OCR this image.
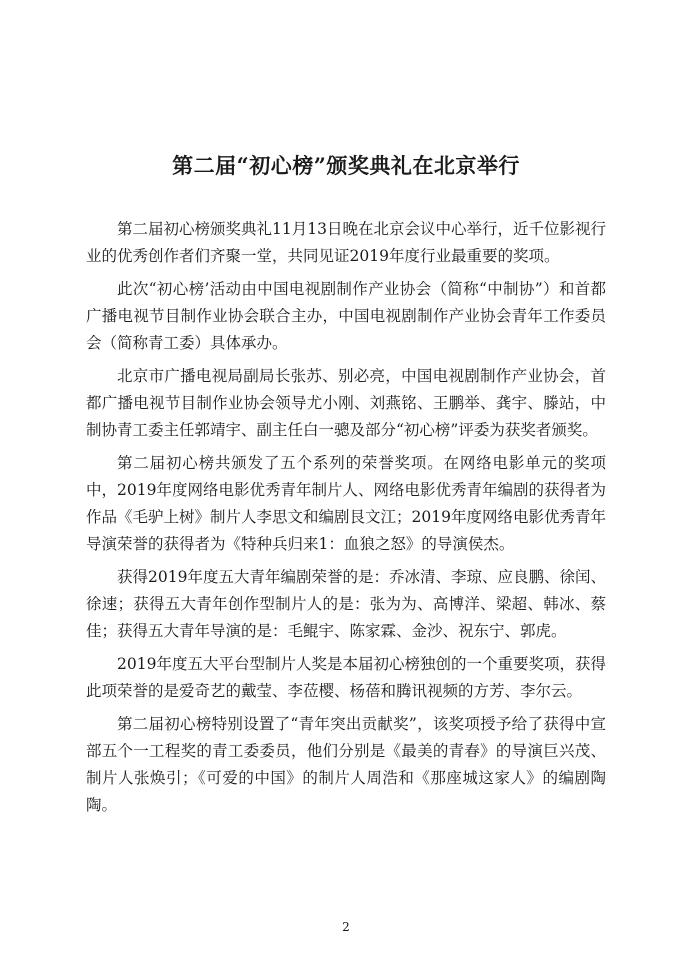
第二届“初心榜”颁奖典礼在北京举行

第二届初心榜颁奖典礼11月13日晚在北京会议中心举行，近千位影视行业的优秀创作者们齐聚一堂，共同见证2019年度行业最重要的奖项。

此次“初心榜’活动由中国电视剧制作产业协会（简称“中制协”）和首都广播电视节目制作业协会联合主办，中国电视剧制作产业协会青年工作委员会（简称青工委）具体承办。

北京市广播电视局副局长张苏、别必亮，中国电视剧制作产业协会，首都广播电视节目制作业协会领导尤小刚、刘燕铭、王鹏举、龚宇、滕站，中制协青工委主任郭靖宇、副主任白一骢及部分“初心榜”评委为获奖者颁奖。

第二届初心榜共颁发了五个系列的荣誉奖项。在网络电影单元的奖项中，2019年度网络电影优秀青年制片人、网络电影优秀青年编剧的获得者为作品《毛驴上树》制片人李思文和编剧艮文江；2019年度网络电影优秀青年导演荣誉的获得者为《特种兵归来1：血狼之怒》的导演侯杰。

获得2019年度五大青年编剧荣誉的是：乔冰清、李琼、应良鹏、徐闰、徐速；获得五大青年创作型制片人的是：张为为、高博洋、梁超、韩冰、蔡佳；获得五大青年导演的是：毛鲲宇、陈家霖、金沙、祝东宁、郭虎。

2019年度五大平台型制片人奖是本届初心榜独创的一个重要奖项，获得此项荣誉的是爱奇艺的戴莹、李莅樱、杨蓓和腾讯视频的方芳、李尔云。

第二届初心榜特别设置了“青年突出贡献奖”，该奖项授予给了获得中宣部五个一工程奖的青工委委员，他们分别是《最美的青春》的导演巨兴茂、制片人张焕引；《可爱的中国》的制片人周浩和《那座城这家人》的编剧陶陶。

2
